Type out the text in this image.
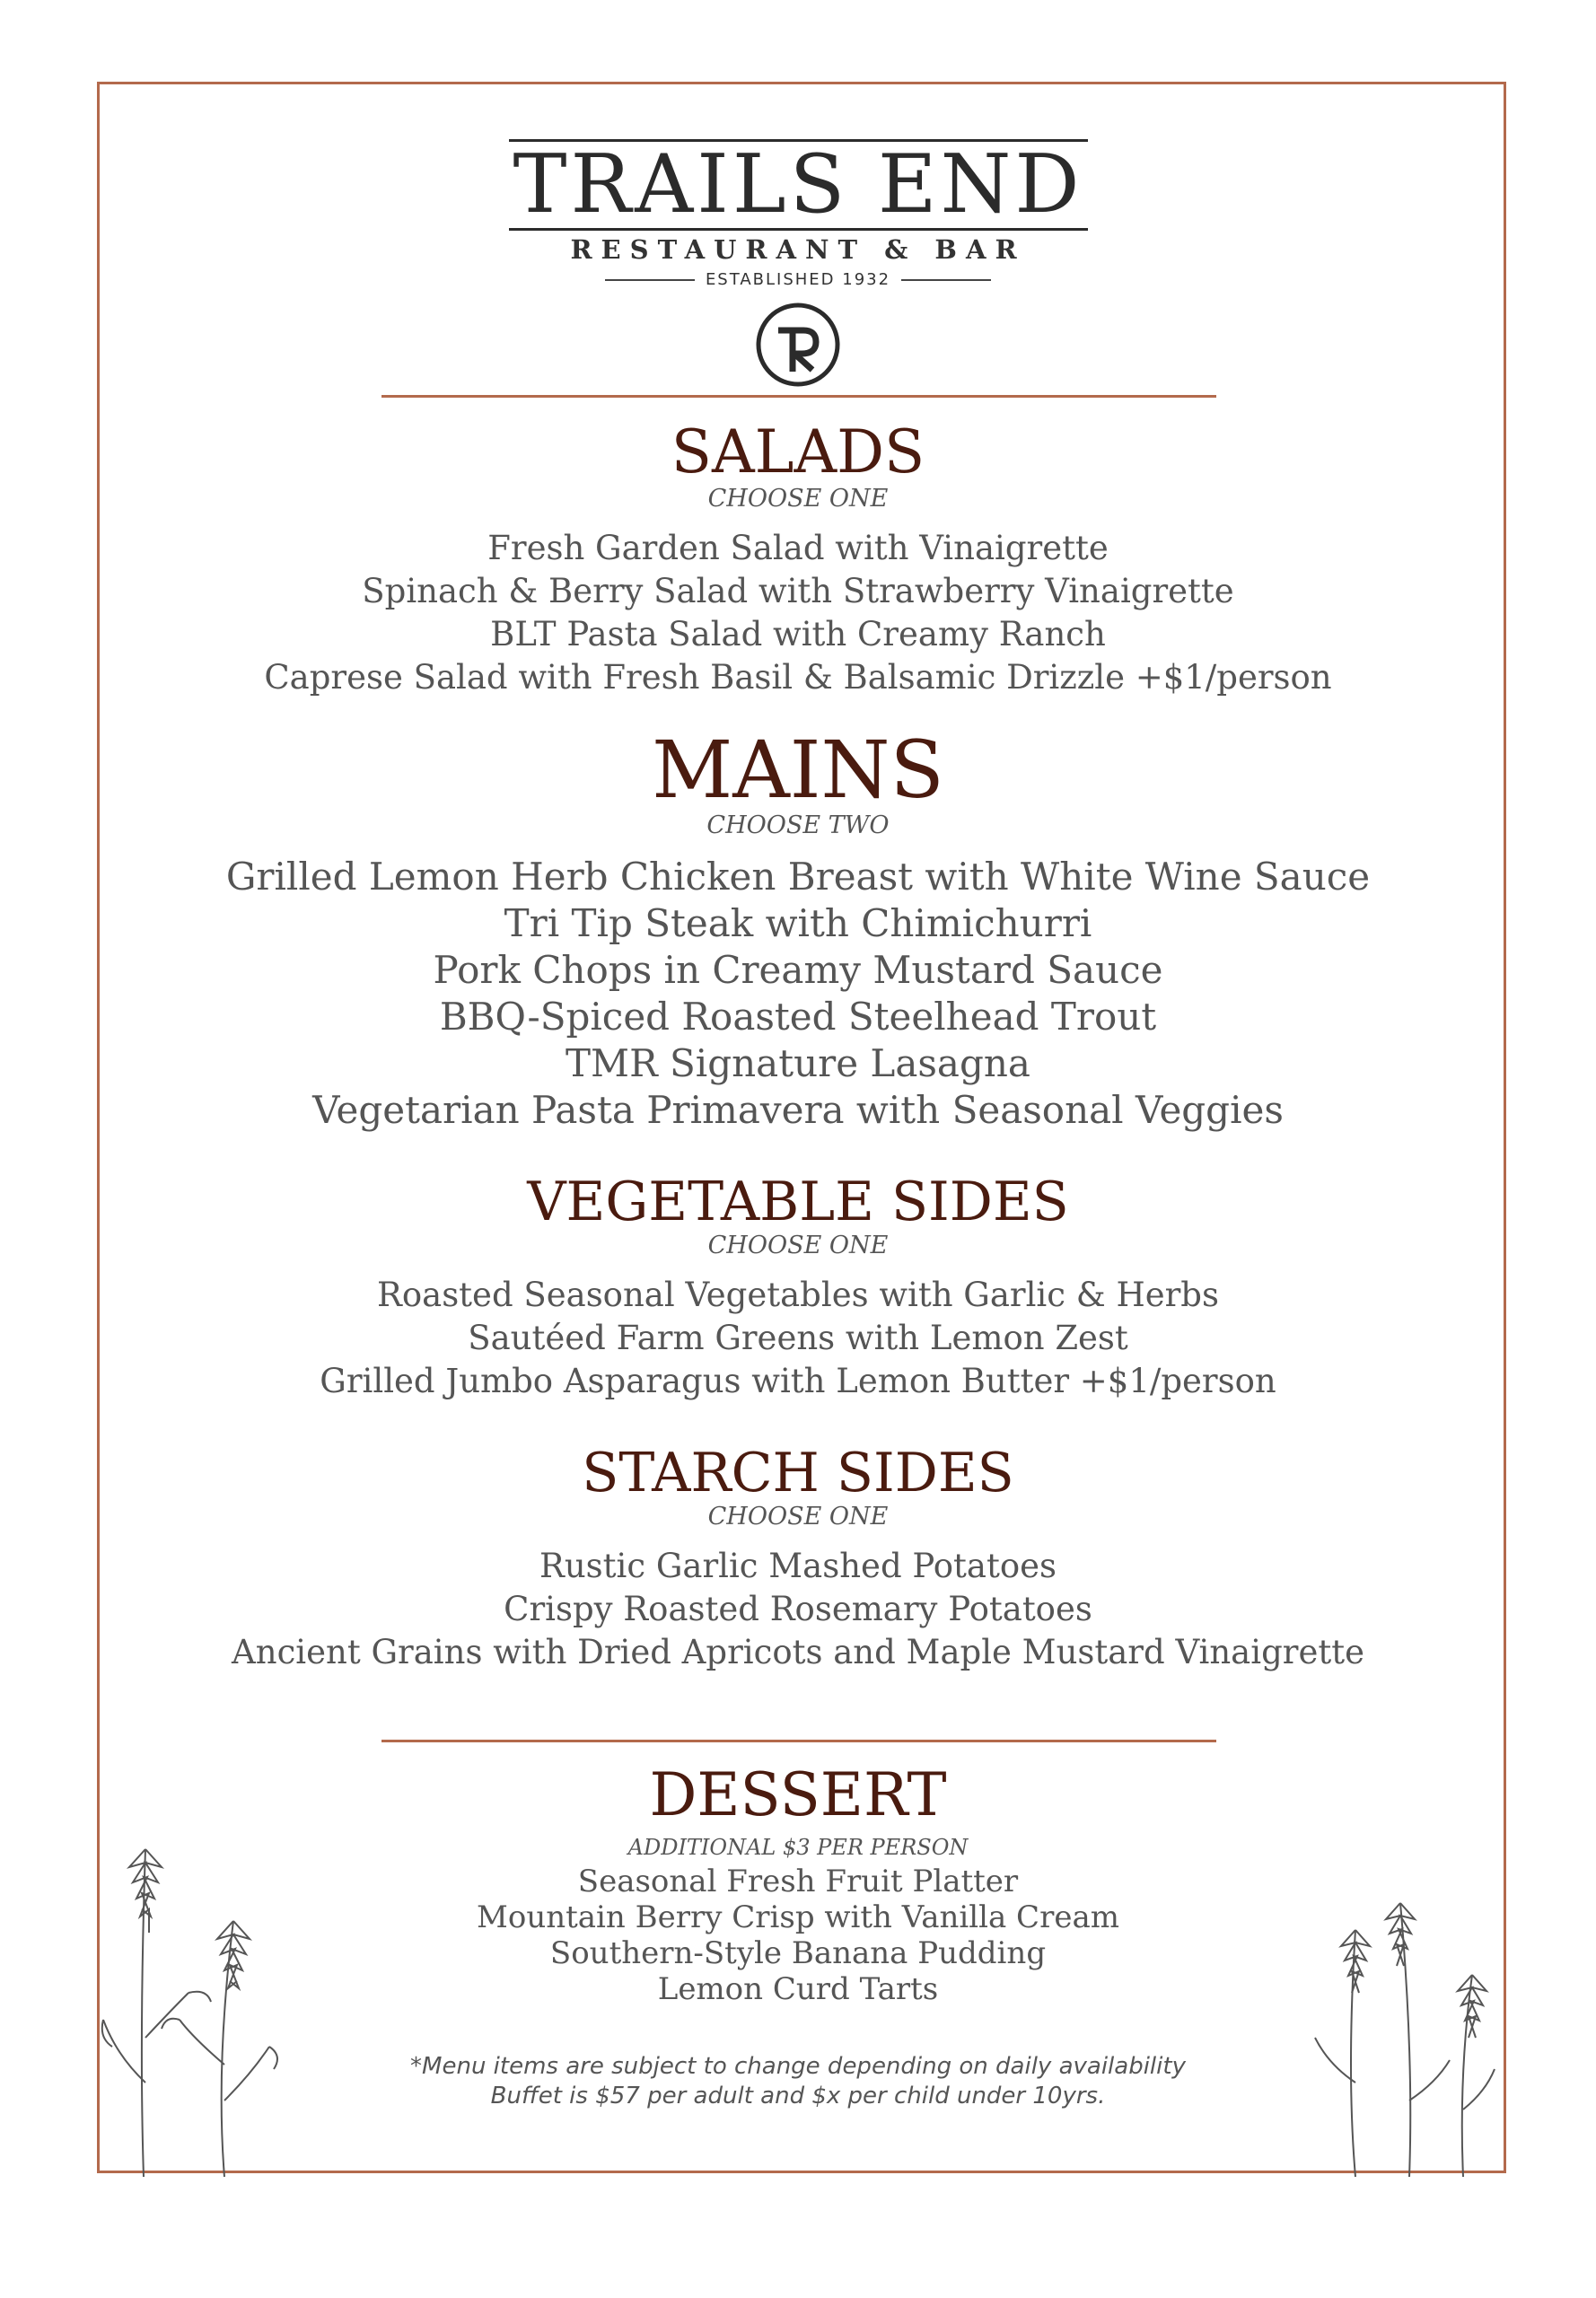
TRAILS END
RESTAURANT & BAR
ESTABLISHED 1932
SALADS
CHOOSE ONE
Fresh Garden Salad with Vinaigrette
Spinach & Berry Salad with Strawberry Vinaigrette
BLT Pasta Salad with Creamy Ranch
Caprese Salad with Fresh Basil & Balsamic Drizzle +$1/person
MAINS
CHOOSE TWO
Grilled Lemon Herb Chicken Breast with White Wine Sauce
Tri Tip Steak with Chimichurri
Pork Chops in Creamy Mustard Sauce
BBQ-Spiced Roasted Steelhead Trout
TMR Signature Lasagna
Vegetarian Pasta Primavera with Seasonal Veggies
VEGETABLE SIDES
CHOOSE ONE
Roasted Seasonal Vegetables with Garlic & Herbs
Sautéed Farm Greens with Lemon Zest
Grilled Jumbo Asparagus with Lemon Butter +$1/person
STARCH SIDES
CHOOSE ONE
Rustic Garlic Mashed Potatoes
Crispy Roasted Rosemary Potatoes
Ancient Grains with Dried Apricots and Maple Mustard Vinaigrette
DESSERT
ADDITIONAL $3 PER PERSON
Seasonal Fresh Fruit Platter
Mountain Berry Crisp with Vanilla Cream
Southern-Style Banana Pudding
Lemon Curd Tarts
*Menu items are subject to change depending on daily availability
Buffet is $57 per adult and $x per child under 10yrs.
